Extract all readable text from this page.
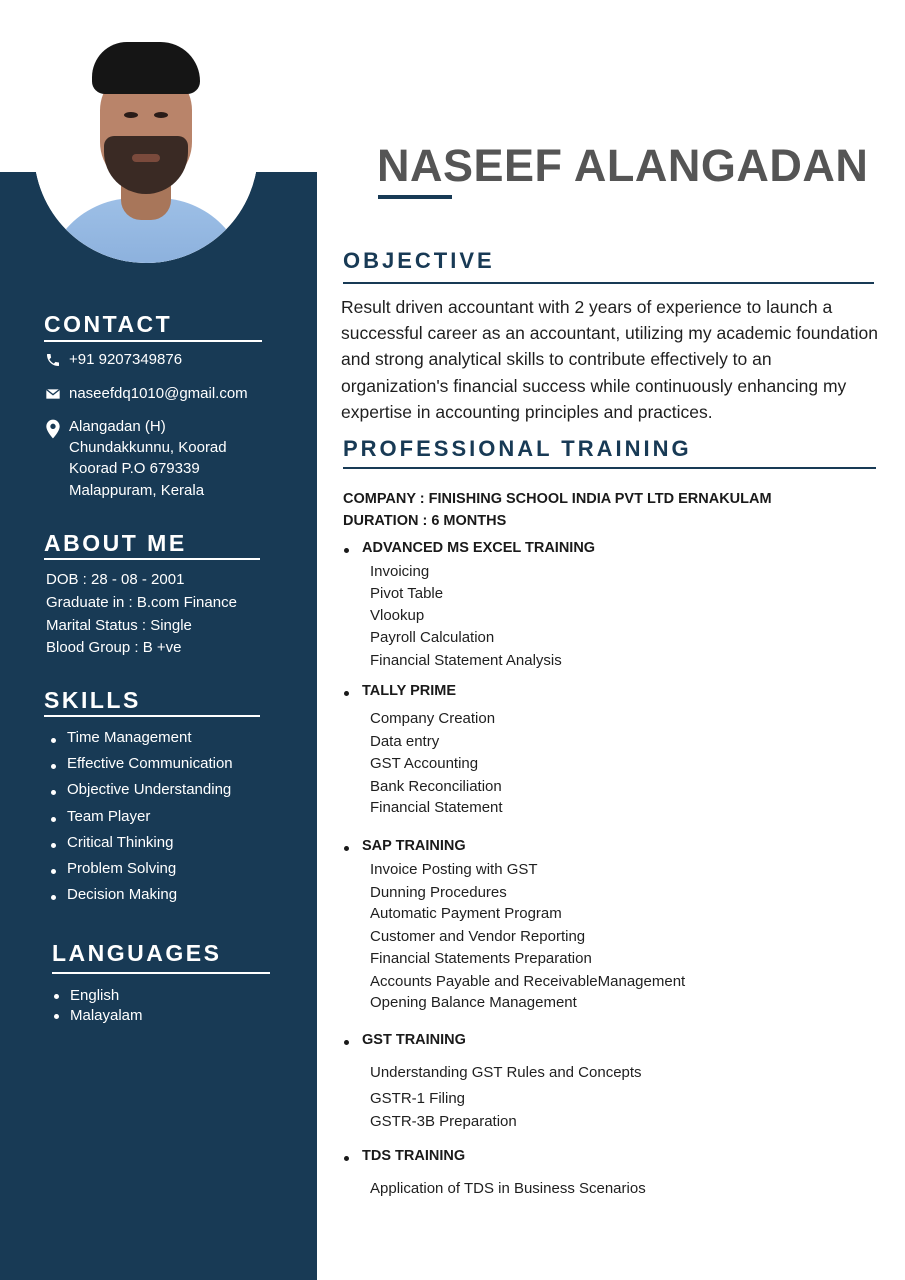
CONTACT
+91 9207349876
naseefdq1010@gmail.com
Alangadan (H)
Chundakkunnu, Koorad
Koorad P.O 679339
Malappuram, Kerala
ABOUT ME
DOB : 28 - 08 - 2001
Graduate in : B.com Finance
Marital Status : Single
Blood Group : B +ve
SKILLS
Time Management
Effective Communication
Objective Understanding
Team Player
Critical Thinking
Problem Solving
Decision Making
LANGUAGES
English
Malayalam
NASEEF ALANGADAN
OBJECTIVE
Result driven accountant with 2 years of experience to launch a successful career as an accountant, utilizing my academic foundation and strong analytical skills to contribute effectively to an organization's financial success while continuously enhancing my expertise in accounting principles and practices.
PROFESSIONAL TRAINING
COMPANY : FINISHING SCHOOL INDIA PVT LTD ERNAKULAM
DURATION : 6 MONTHS
ADVANCED MS EXCEL TRAINING
Invoicing
Pivot Table
Vlookup
Payroll Calculation
Financial Statement Analysis
TALLY PRIME
Company Creation
Data entry
GST Accounting
Bank Reconciliation
Financial Statement
SAP TRAINING
Invoice Posting with GST
Dunning Procedures
Automatic Payment Program
Customer and Vendor Reporting
Financial Statements Preparation
Accounts Payable and ReceivableManagement
Opening Balance Management
GST TRAINING
Understanding GST Rules and Concepts
GSTR-1 Filing
GSTR-3B Preparation
TDS TRAINING
Application of TDS in Business Scenarios
